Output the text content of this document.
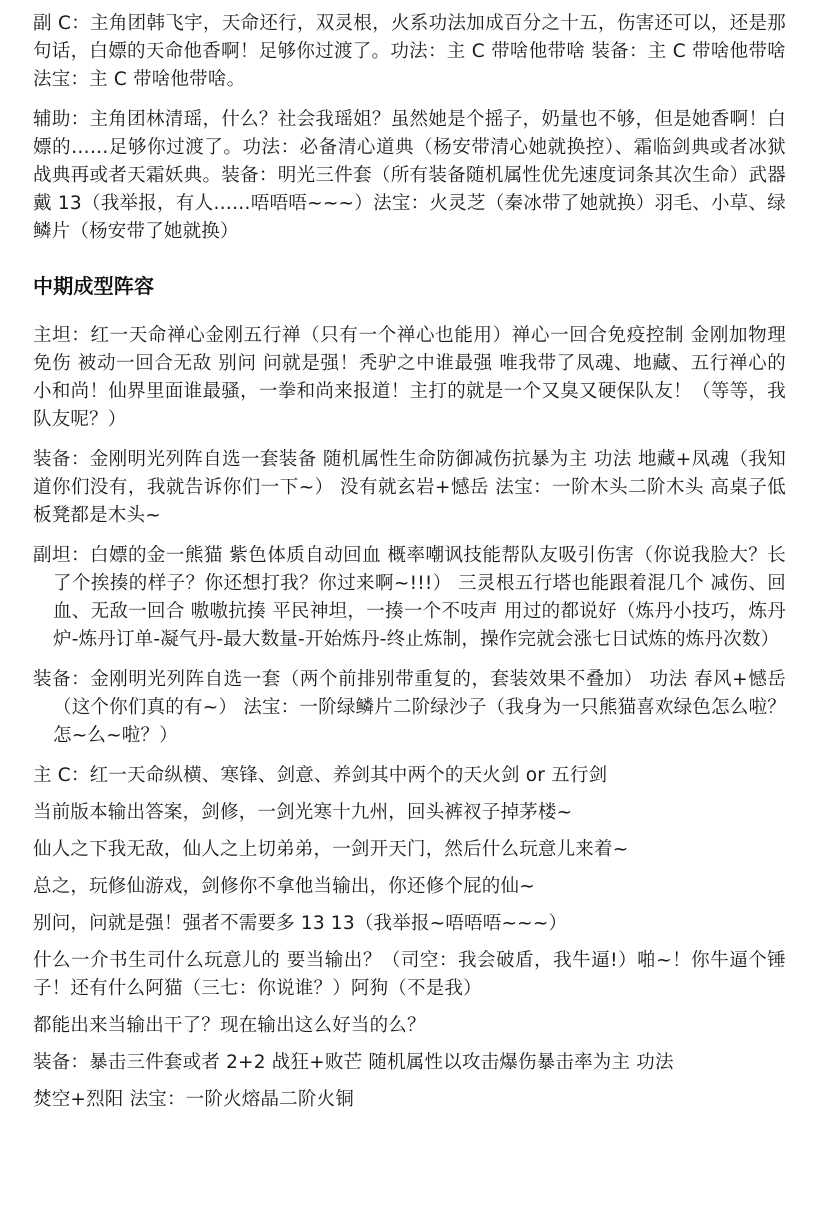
副 C：主角团韩飞宇，天命还行，双灵根，火系功法加成百分之十五，伤害还可以，还是那句话，白嫖的天命他香啊！足够你过渡了。功法：主 C 带啥他带啥 装备：主 C 带啥他带啥 法宝：主 C 带啥他带啥。

辅助：主角团林清瑶，什么？社会我瑶姐？虽然她是个摇子，奶量也不够，但是她香啊！白嫖的……足够你过渡了。功法：必备清心道典（杨安带清心她就换控）、霜临剑典或者冰狱战典再或者天霜妖典。装备：明光三件套（所有装备随机属性优先速度词条其次生命）武器戴 13（我举报，有人……唔唔唔~~~）法宝：火灵芝（秦冰带了她就换）羽毛、小草、绿鳞片（杨安带了她就换）

中期成型阵容

主坦：红一天命禅心金刚五行禅（只有一个禅心也能用）禅心一回合免疫控制 金刚加物理免伤 被动一回合无敌 别问 问就是强！秃驴之中谁最强 唯我带了凤魂、地藏、五行禅心的小和尚！仙界里面谁最骚，一拳和尚来报道！主打的就是一个又臭又硬保队友！（等等，我队友呢？）

装备：金刚明光列阵自选一套装备 随机属性生命防御减伤抗暴为主 功法 地藏+凤魂（我知道你们没有，我就告诉你们一下~） 没有就玄岩+憾岳 法宝：一阶木头二阶木头 高桌子低板凳都是木头~

副坦：白嫖的金一熊猫 紫色体质自动回血 概率嘲讽技能帮队友吸引伤害（你说我脸大？长了个挨揍的样子？你还想打我？你过来啊~!!!） 三灵根五行塔也能跟着混几个 减伤、回血、无敌一回合 嗷嗷抗揍 平民神坦，一揍一个不吱声 用过的都说好（炼丹小技巧，炼丹炉-炼丹订单-凝气丹-最大数量-开始炼丹-终止炼制，操作完就会涨七日试炼的炼丹次数）

装备：金刚明光列阵自选一套（两个前排别带重复的，套装效果不叠加） 功法 春风+憾岳（这个你们真的有~） 法宝：一阶绿鳞片二阶绿沙子（我身为一只熊猫喜欢绿色怎么啦？怎~么~啦？）

主 C：红一天命纵横、寒锋、剑意、养剑其中两个的天火剑 or 五行剑

当前版本输出答案，剑修，一剑光寒十九州，回头裤衩子掉茅楼~

仙人之下我无敌，仙人之上切弟弟，一剑开天门，然后什么玩意儿来着~

总之，玩修仙游戏，剑修你不拿他当输出，你还修个屁的仙~

别问，问就是强！强者不需要多 13 13（我举报~唔唔唔~~~）

什么一介书生司什么玩意儿的 要当输出？（司空：我会破盾，我牛逼!）啪~！你牛逼个锤子！还有什么阿猫（三七：你说谁？）阿狗（不是我）

都能出来当输出干了？现在输出这么好当的么？

装备：暴击三件套或者 2+2 战狂+败芒 随机属性以攻击爆伤暴击率为主 功法

焚空+烈阳 法宝：一阶火熔晶二阶火铜
